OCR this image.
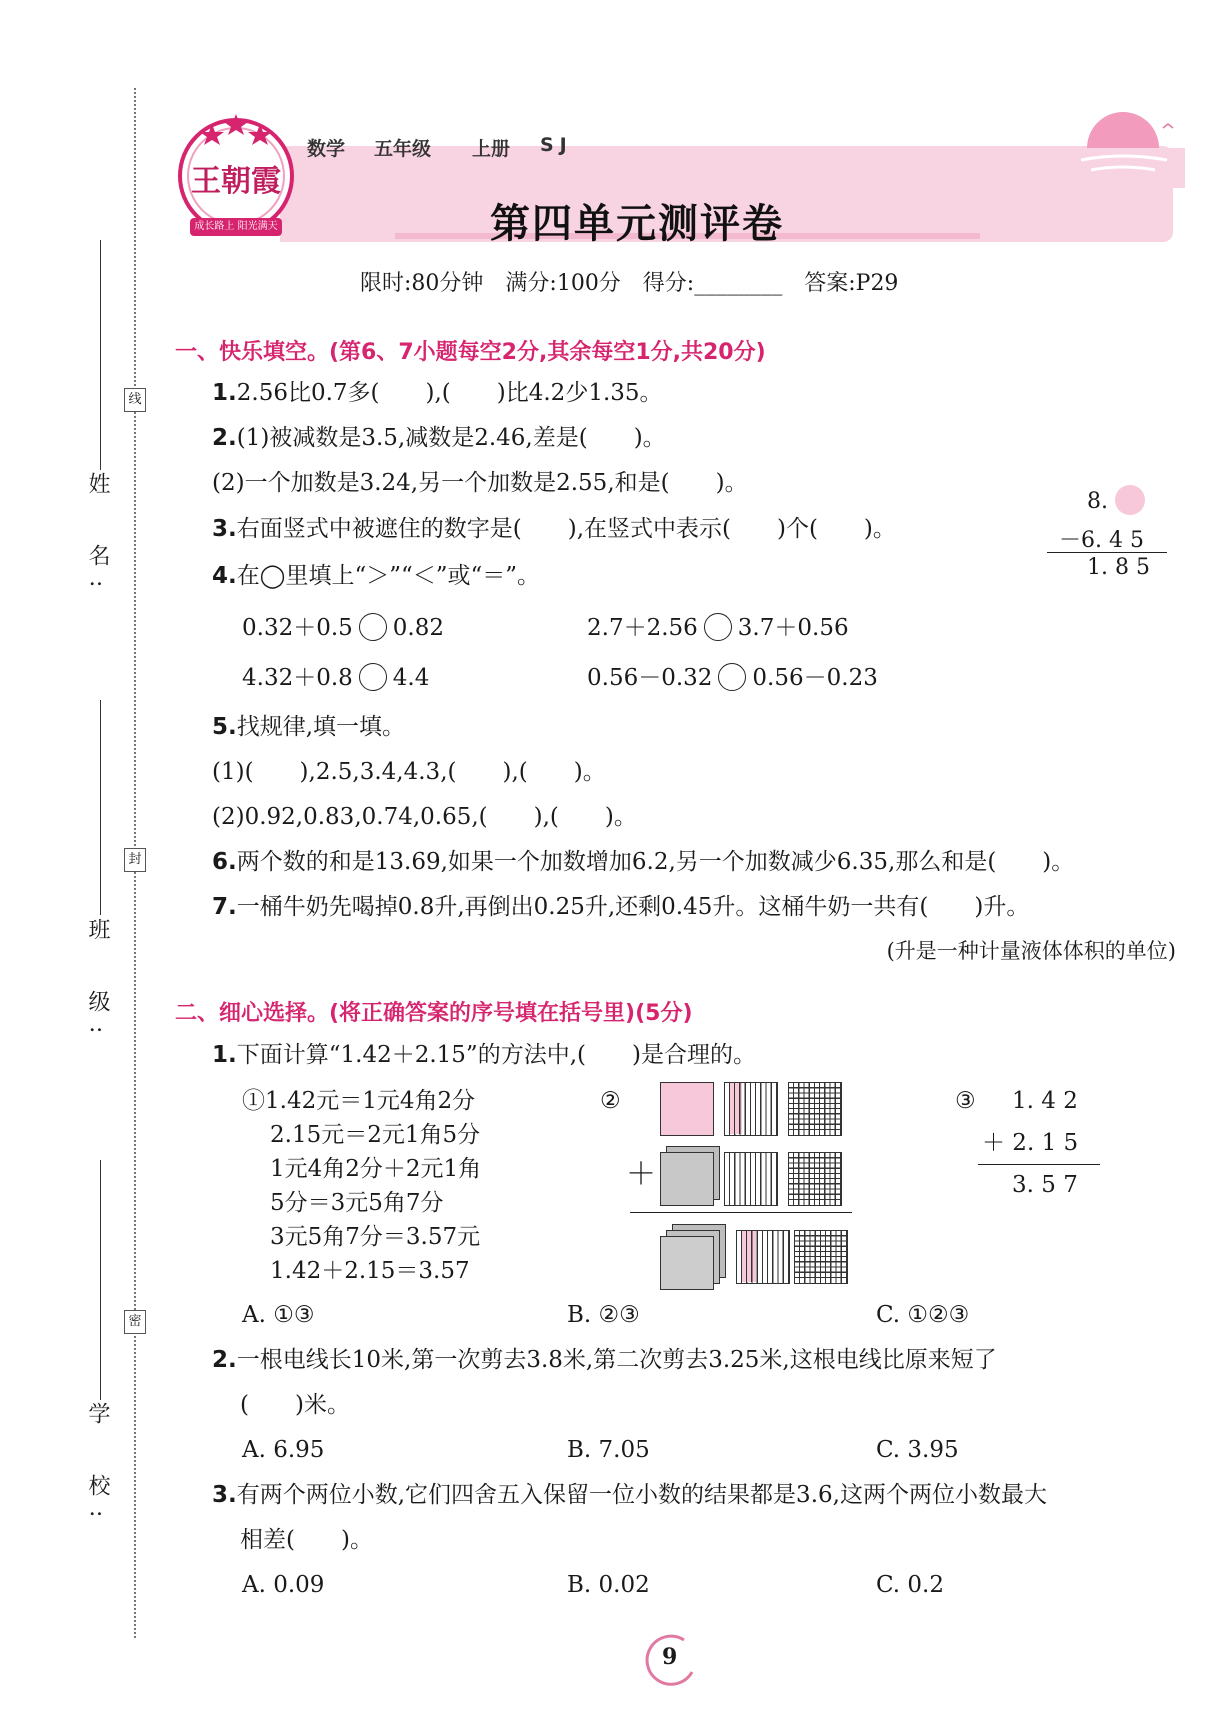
线
封
密
姓　名:
班　级:
学　校:
王朝霞
成长路上 阳光满天
数学 五年级 上册 SJ
第四单元测评卷
限时:80分钟　满分:100分　得分:________　答案:P29
一、快乐填空。(第6、7小题每空2分,其余每空1分,共20分)
1.2.56比0.7多(　　),(　　)比4.2少1.35。
2.(1)被减数是3.5,减数是2.46,差是(　　)。
(2)一个加数是3.24,另一个加数是2.55,和是(　　)。
3.右面竖式中被遮住的数字是(　　),在竖式中表示(　　)个(　　)。
8.
－6. 4 5
1. 8 5
4.在◯里填上“＞”“＜”或“＝”。
0.32＋0.5 0.82	2.7＋2.56 3.7＋0.56
4.32＋0.8 4.4	0.56－0.32 0.56－0.23
5.找规律,填一填。
(1)(　　),2.5,3.4,4.3,(　　),(　　)。
(2)0.92,0.83,0.74,0.65,(　　),(　　)。
6.两个数的和是13.69,如果一个加数增加6.2,另一个加数减少6.35,那么和是(　　)。
7.一桶牛奶先喝掉0.8升,再倒出0.25升,还剩0.45升。这桶牛奶一共有(　　)升。
(升是一种计量液体体积的单位)
二、细心选择。(将正确答案的序号填在括号里)(5分)
1.下面计算“1.42＋2.15”的方法中,(　　)是合理的。
①1.42元＝1元4角2分
2.15元＝2元1角5分
1元4角2分＋2元1角
5分＝3元5角7分
3元5角7分＝3.57元
1.42＋2.15＝3.57
②
＋
③ 1. 4 2
＋ 2. 1 5
3. 5 7
A. ①③	B. ②③	C. ①②③
2.一根电线长10米,第一次剪去3.8米,第二次剪去3.25米,这根电线比原来短了
(　　)米。
A. 6.95	B. 7.05	C. 3.95
3.有两个两位小数,它们四舍五入保留一位小数的结果都是3.6,这两个两位小数最大
相差(　　)。
A. 0.09	B. 0.02	C. 0.2
9
